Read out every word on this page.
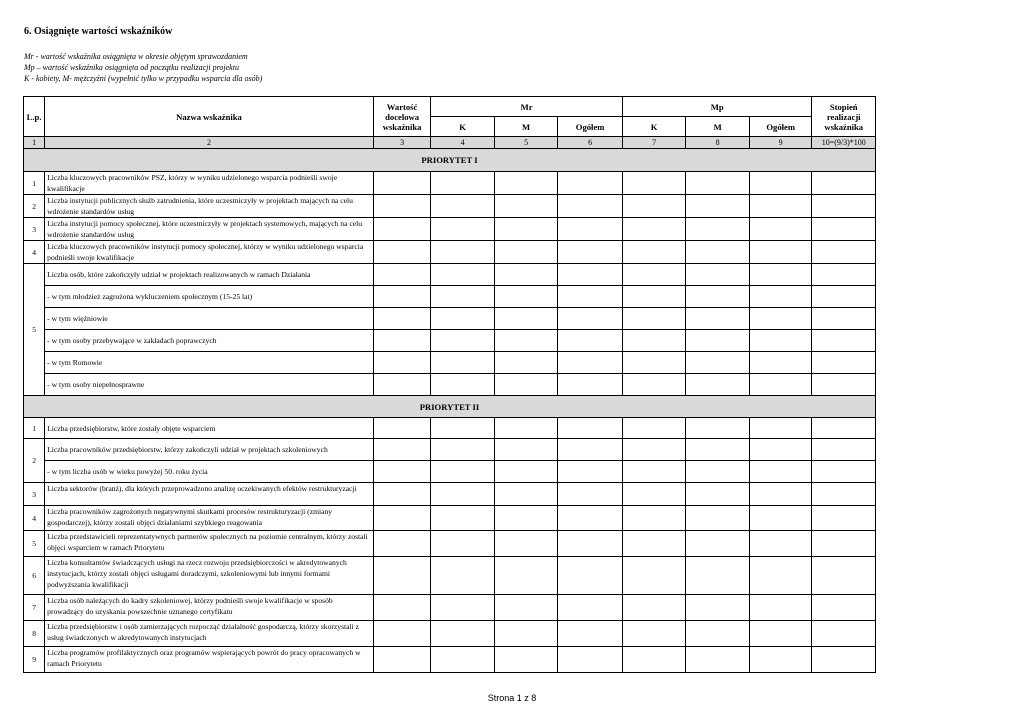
6. Osiągnięte wartości wskaźników
Mr - wartość wskaźnika osiągnięta w okresie objętym sprawozdaniem
Mp – wartość wskaźnika osiągnięta od początku realizacji projektu
K - kobiety, M- mężczyźni (wypełnić tylko w przypadku wsparcia dla osób)
L.p.	Nazwa wskaźnika	Wartość docelowa wskaźnika	Mr			Mp			Stopień realizacji wskaźnika
			K	M	Ogółem	K	M	Ogółem	
1	2	3	4	5	6	7	8	9	10=(9/3)*100
PRIORYTET I									
1	Liczba kluczowych pracowników PSZ, którzy w wyniku udzielonego wsparcia podnieśli swoje kwalifikacje								
2	Liczba instytucji publicznych służb zatrudnienia, które uczestniczyły w projektach mających na celu wdrożenie standardów usług								
3	Liczba instytucji pomocy społecznej, które uczestniczyły w projektach systemowych, mających na celu wdrożenie standardów usług								
4	Liczba kluczowych pracowników instytucji pomocy społecznej, którzy w wyniku udzielonego wsparcia podnieśli swoje kwalifikacje								
5	Liczba osób, które zakończyły udział w projektach realizowanych w ramach Działania								
	- w tym młodzież zagrożona wykluczeniem społecznym (15-25 lat)								
	- w tym więźniowie								
	- w tym osoby przebywające w zakładach poprawczych								
	- w tym Romowie								
	- w tym osoby niepełnosprawne								
PRIORYTET II									
1	Liczba przedsiębiorstw, które zostały objęte wsparciem								
2	Liczba pracowników przedsiębiorstw, którzy zakończyli udział w projektach szkoleniowych								
	- w tym liczba osób w wieku powyżej 50. roku życia								
3	Liczba sektorów (branż), dla których przeprowadzono analizę oczekiwanych efektów restrukturyzacji								
4	Liczba pracowników zagrożonych negatywnymi skutkami procesów restrukturyzacji (zmiany gospodarczej), którzy zostali objęci działaniami szybkiego reagowania								
5	Liczba przedstawicieli reprezentatywnych partnerów społecznych na poziomie centralnym, którzy zostali objęci wsparciem w ramach Priorytetu								
6	Liczba konsultantów świadczących usługi na rzecz rozwoju przedsiębiorczości w akredytowanych instytucjach, którzy zostali objęci usługami doradczymi, szkoleniowymi lub innymi formami podwyższania kwalifikacji								
7	Liczba osób należących do kadry szkoleniowej, którzy podnieśli swoje kwalifikacje w sposób prowadzący do uzyskania powszechnie uznanego certyfikatu								
8	Liczba przedsiębiorstw i osób zamierzających rozpocząć działalność gospodarczą, którzy skorzystali z usług świadczonych w akredytowanych instytucjach								
9	Liczba programów profilaktycznych oraz programów wspierających powrót do pracy opracowanych w ramach Priorytetu								
Strona 1 z 8
